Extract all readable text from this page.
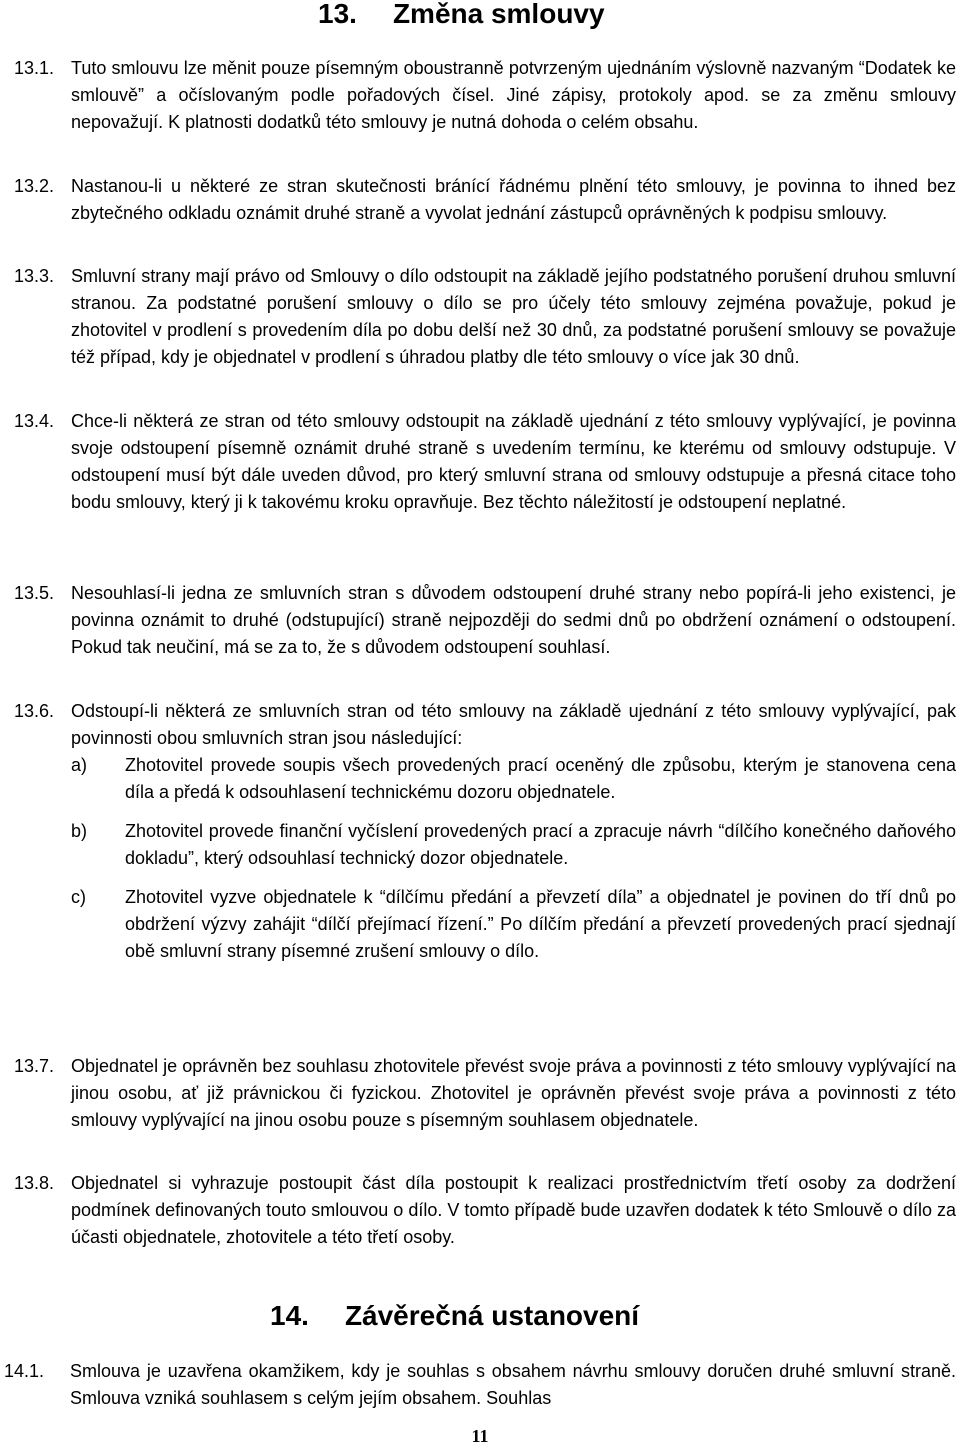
13. Změna smlouvy
13.1. Tuto smlouvu lze měnit pouze písemným oboustranně potvrzeným ujednáním výslovně nazvaným “Dodatek ke smlouvě” a očíslovaným podle pořadových čísel. Jiné zápisy, protokoly apod. se za změnu smlouvy nepovažují. K platnosti dodatků této smlouvy je nutná dohoda o celém obsahu.
13.2. Nastanou-li u některé ze stran skutečnosti bránící řádnému plnění této smlouvy, je povinna to ihned bez zbytečného odkladu oznámit druhé straně a vyvolat jednání zástupců oprávněných k podpisu smlouvy.
13.3. Smluvní strany mají právo od Smlouvy o dílo odstoupit na základě jejího podstatného porušení druhou smluvní stranou. Za podstatné porušení smlouvy o dílo se pro účely této smlouvy zejména považuje, pokud je zhotovitel v prodlení s provedením díla po dobu delší než 30 dnů, za podstatné porušení smlouvy se považuje též případ, kdy je objednatel v prodlení s úhradou platby dle této smlouvy o více jak 30 dnů.
13.4. Chce-li některá ze stran od této smlouvy odstoupit na základě ujednání z této smlouvy vyplývající, je povinna svoje odstoupení písemně oznámit druhé straně s uvedením termínu, ke kterému od smlouvy odstupuje. V odstoupení musí být dále uveden důvod, pro který smluvní strana od smlouvy odstupuje a přesná citace toho bodu smlouvy, který ji k takovému kroku opravňuje. Bez těchto náležitostí je odstoupení neplatné.
13.5. Nesouhlasí-li jedna ze smluvních stran s důvodem odstoupení druhé strany nebo popírá-li jeho existenci, je povinna oznámit to druhé (odstupující) straně nejpozději do sedmi dnů po obdržení oznámení o odstoupení. Pokud tak neučiní, má se za to, že s důvodem odstoupení souhlasí.
13.6. Odstoupí-li některá ze smluvních stran od této smlouvy na základě ujednání z této smlouvy vyplývající, pak povinnosti obou smluvních stran jsou následující:
a) Zhotovitel provede soupis všech provedených prací oceněný dle způsobu, kterým je stanovena cena díla a předá k odsouhlasení technickému dozoru objednatele.
b) Zhotovitel provede finanční vyčíslení provedených prací a zpracuje návrh “dílčího konečného daňového dokladu”, který odsouhlasí technický dozor objednatele.
c) Zhotovitel vyzve objednatele k “dílčímu předání a převzetí díla” a objednatel je povinen do tří dnů po obdržení výzvy zahájit “dílčí přejímací řízení.” Po dílčím předání a převzetí provedených prací sjednají obě smluvní strany písemné zrušení smlouvy o dílo.
13.7. Objednatel je oprávněn bez souhlasu zhotovitele převést svoje práva a povinnosti z této smlouvy vyplývající na jinou osobu, ať již právnickou či fyzickou. Zhotovitel je oprávněn převést svoje práva a povinnosti z této smlouvy vyplývající na jinou osobu pouze s písemným souhlasem objednatele.
13.8. Objednatel si vyhrazuje postoupit část díla postoupit k realizaci prostřednictvím třetí osoby za dodržení podmínek definovaných touto smlouvou o dílo. V tomto případě bude uzavřen dodatek k této Smlouvě o dílo za účasti objednatele, zhotovitele a této třetí osoby.
14. Závěrečná ustanovení
14.1. Smlouva je uzavřena okamžikem, kdy je souhlas s obsahem návrhu smlouvy doručen druhé smluvní straně. Smlouva vzniká souhlasem s celým jejím obsahem. Souhlas
11
